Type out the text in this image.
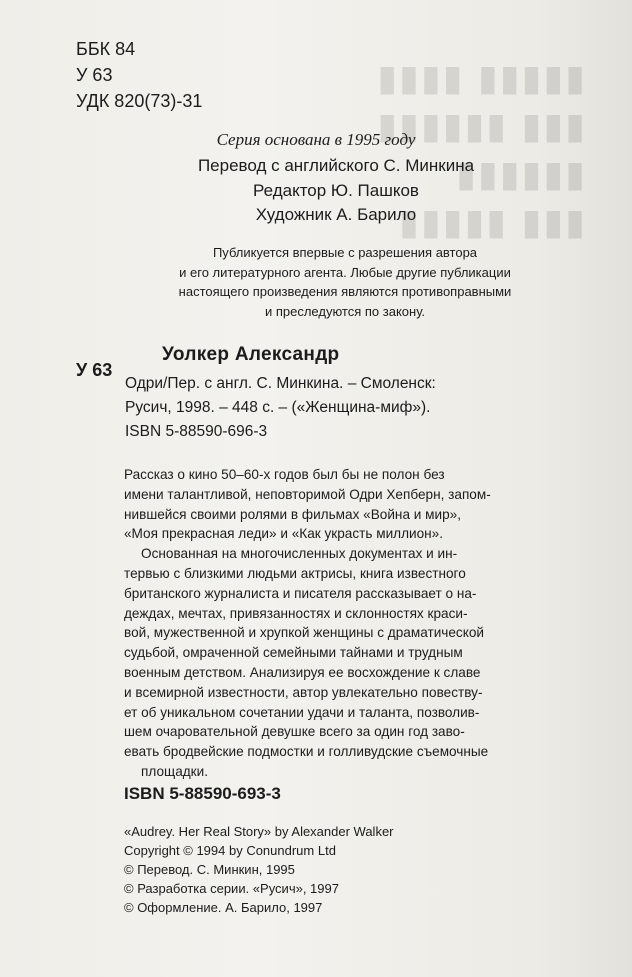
▮▮▮▮▮ ▮▮▮▮
▮▮▮ ▮▮▮▮▮▮
▮▮▮▮▮▮
▮▮▮ ▮▮▮▮▮
ББК 84
У 63
УДК 820(73)-31
Серия основана в 1995 году
Перевод с английского С. Минкина
Редактор Ю. Пашков
Художник А. Барило
Публикуется впервые с разрешения автора
и его литературного агента. Любые другие публикации
настоящего произведения являются противоправными
и преследуются по закону.
У 63
Уолкер Александр
Одри/Пер. с англ. С. Минкина. – Смоленск:
Русич, 1998. – 448 с. – («Женщина-миф»).
ISBN 5-88590-696-3
Рассказ о кино 50–60-х годов был бы не полон без
имени талантливой, неповторимой Одри Хепберн, запом-
нившейся своими ролями в фильмах «Война и мир»,
«Моя прекрасная леди» и «Как украсть миллион».
Основанная на многочисленных документах и ин-
тервью с близкими людьми актрисы, книга известного
британского журналиста и писателя рассказывает о на-
деждах, мечтах, привязанностях и склонностях краси-
вой, мужественной и хрупкой женщины с драматической
судьбой, омраченной семейными тайнами и трудным
военным детством. Анализируя ее восхождение к славе
и всемирной известности, автор увлекательно повеству-
ет об уникальном сочетании удачи и таланта, позволив-
шем очаровательной девушке всего за один год заво-
евать бродвейские подмостки и голливудские съемочные
площадки.
ISBN 5-88590-693-3
«Audrey. Her Real Story» by Alexander Walker
Copyright © 1994 by Conundrum Ltd
© Перевод. С. Минкин, 1995
© Разработка серии. «Русич», 1997
© Оформление. А. Барило, 1997
